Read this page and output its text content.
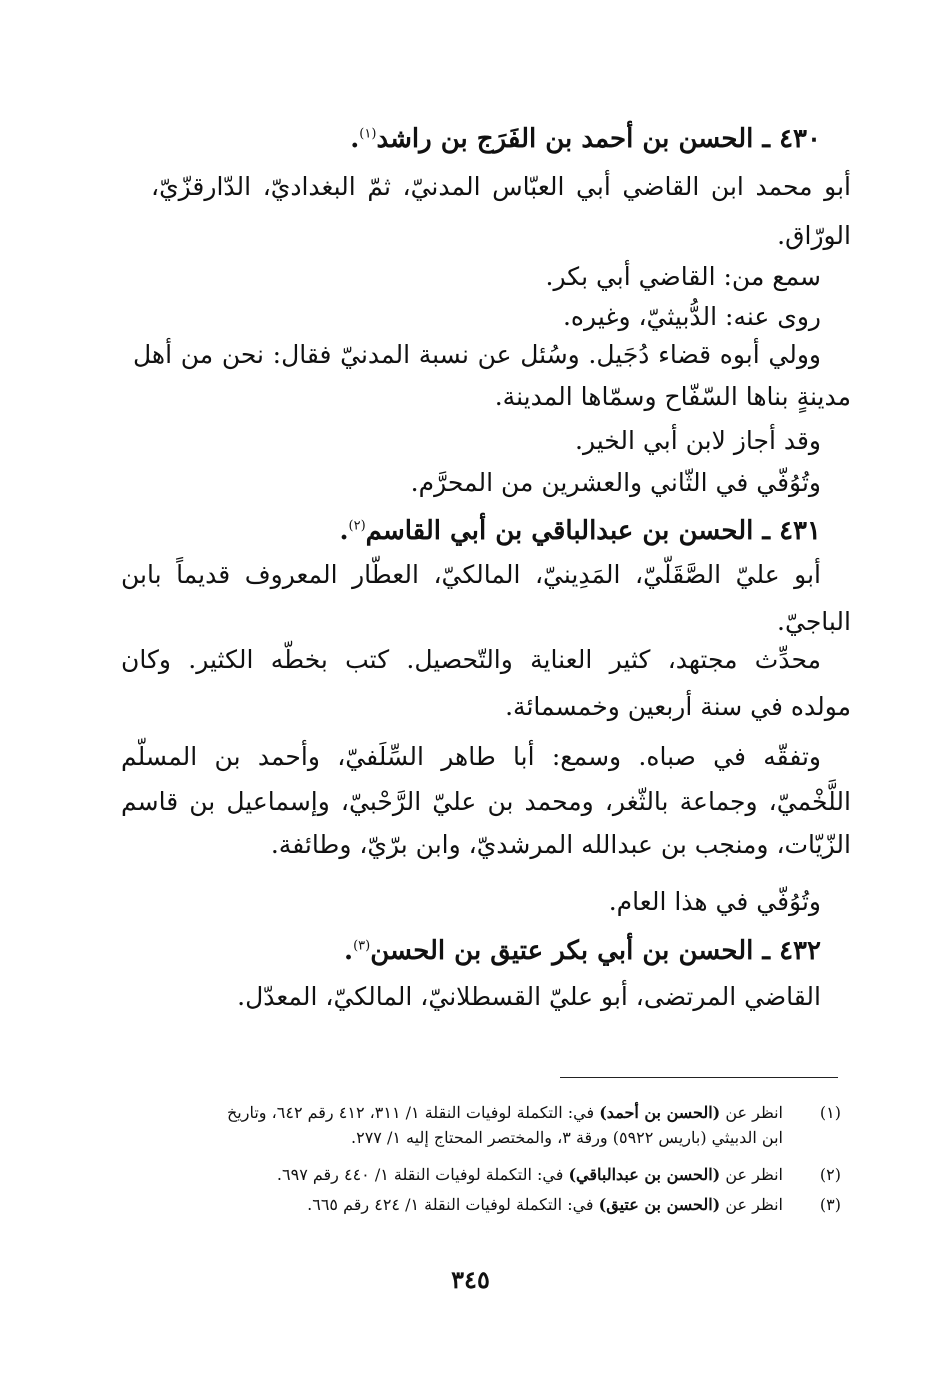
٤٣٠ ـ الحسن بن أحمد بن الفَرَج بن راشد$^{(١)}$.
أبو محمد ابن القاضي أبي العبّاس المدنيّ، ثمّ البغداديّ، الدّارقزّيّ،
الورّاق.
سمع من: القاضي أبي بكر.
روى عنه: الدُّبيثيّ، وغيره.
وولي أبوه قضاء دُجَيل. وسُئل عن نسبة المدنيّ فقال: نحن من أهل
مدينةٍ بناها السّفّاح وسمّاها المدينة.
وقد أجاز لابن أبي الخير.
وتُوُفّي في الثّاني والعشرين من المحرَّم.
٤٣١ ـ الحسن بن عبدالباقي بن أبي القاسم$^{(٢)}$.
أبو عليّ الصَّقَلّيّ، المَدِينيّ، المالكيّ، العطّار المعروف قديماً بابن
الباجيّ.
محدِّث مجتهد، كثير العناية والتّحصيل. كتب بخطّه الكثير. وكان
مولده في سنة أربعين وخمسمائة.
وتفقّه في صباه. وسمع: أبا طاهر السِّلَفيّ، وأحمد بن المسلّم
اللَّخْميّ، وجماعة بالثّغر، ومحمد بن عليّ الرَّحْبيّ، وإسماعيل بن قاسم
الزّيّات، ومنجب بن عبدالله المرشديّ، وابن برّيّ، وطائفة.
وتُوُفّي في هذا العام.
٤٣٢ ـ الحسن بن أبي بكر عتيق بن الحسن$^{(٣)}$.
القاضي المرتضى، أبو عليّ القسطلانيّ، المالكيّ، المعدّل.
(١)
انظر عن (الحسن بن أحمد) في: التكملة لوفيات النقلة ١/ ٣١١، ٤١٢ رقم ٦٤٢، وتاريخ
ابن الدبيثي (باريس ٥٩٢٢) ورقة ٣، والمختصر المحتاج إليه ١/ ٢٧٧.
(٢)
انظر عن (الحسن بن عبدالباقي) في: التكملة لوفيات النقلة ١/ ٤٤٠ رقم ٦٩٧.
(٣)
انظر عن (الحسن بن عتيق) في: التكملة لوفيات النقلة ١/ ٤٢٤ رقم ٦٦٥.
٣٤٥
